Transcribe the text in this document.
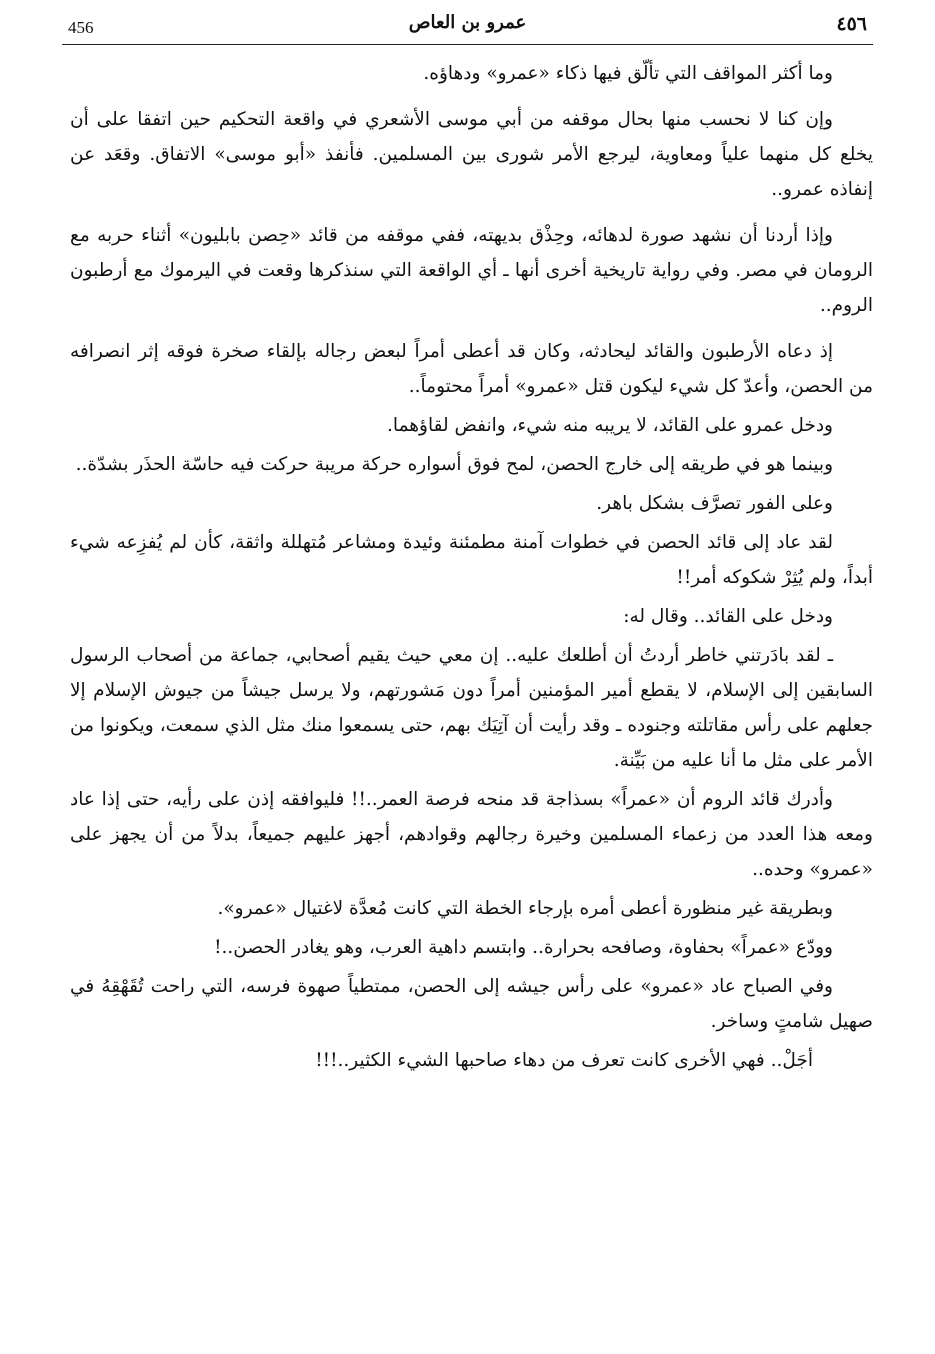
456	عمرو بن العاص	٤٥٦

وما أكثر المواقف التي تألّق فيها ذكاء «عمرو» ودهاؤه.

وإن كنا لا نحسب منها بحال موقفه من أبي موسى الأشعري في واقعة التحكيم حين اتفقا على أن يخلع كل منهما علياً ومعاوية، ليرجع الأمر شورى بين المسلمين. فأنفذ «أبو موسى» الاتفاق. وقعَد عن إنفاذه عمرو..

وإذا أردنا أن نشهد صورة لدهائه، وحِذْق بديهته، ففي موقفه من قائد «حِصن بابليون» أثناء حربه مع الرومان في مصر. وفي رواية تاريخية أخرى أنها ـ أي الواقعة التي سنذكرها وقعت في اليرموك مع أرطبون الروم..

إذ دعاه الأرطبون والقائد ليحادثه، وكان قد أعطى أمراً لبعض رجاله بإلقاء صخرة فوقه إثر انصرافه من الحصن، وأعدّ كل شيء ليكون قتل «عمرو» أمراً محتوماً..

ودخل عمرو على القائد، لا يريبه منه شيء، وانفض لقاؤهما.

وبينما هو في طريقه إلى خارج الحصن، لمح فوق أسواره حركة مريبة حركت فيه حاسّة الحذَر بشدّة..

وعلى الفور تصرَّف بشكل باهر.

لقد عاد إلى قائد الحصن في خطوات آمنة مطمئنة وئيدة ومشاعر مُتهللة واثقة، كأن لم يُفزِعه شيء أبداً، ولم يُثِرْ شكوكه أمر!!

ودخل على القائد.. وقال له:

ـ لقد بادَرتني خاطر أردتُ أن أطلعك عليه.. إن معي حيث يقيم أصحابي، جماعة من أصحاب الرسول السابقين إلى الإسلام، لا يقطع أمير المؤمنين أمراً دون مَشورتهم، ولا يرسل جيشاً من جيوش الإسلام إلا جعلهم على رأس مقاتلته وجنوده ـ وقد رأيت أن آتِيَك بهم، حتى يسمعوا منك مثل الذي سمعت، ويكونوا من الأمر على مثل ما أنا عليه من بَيِّنة.

وأدرك قائد الروم أن «عمراً» بسذاجة قد منحه فرصة العمر..!! فليوافقه إذن على رأيه، حتى إذا عاد ومعه هذا العدد من زعماء المسلمين وخيرة رجالهم وقوادهم، أجهز عليهم جميعاً، بدلاً من أن يجهز على «عمرو» وحده..

وبطريقة غير منظورة أعطى أمره بإرجاء الخطة التي كانت مُعدَّة لاغتيال «عمرو».

وودّع «عمراً» بحفاوة، وصافحه بحرارة.. وابتسم داهية العرب، وهو يغادر الحصن..!

وفي الصباح عاد «عمرو» على رأس جيشه إلى الحصن، ممتطياً صهوة فرسه، التي راحت تُقَهْقِهُ في صهيل شامتٍ وساخر.

أجَلْ.. فهي الأخرى كانت تعرف من دهاء صاحبها الشيء الكثير..!!!
